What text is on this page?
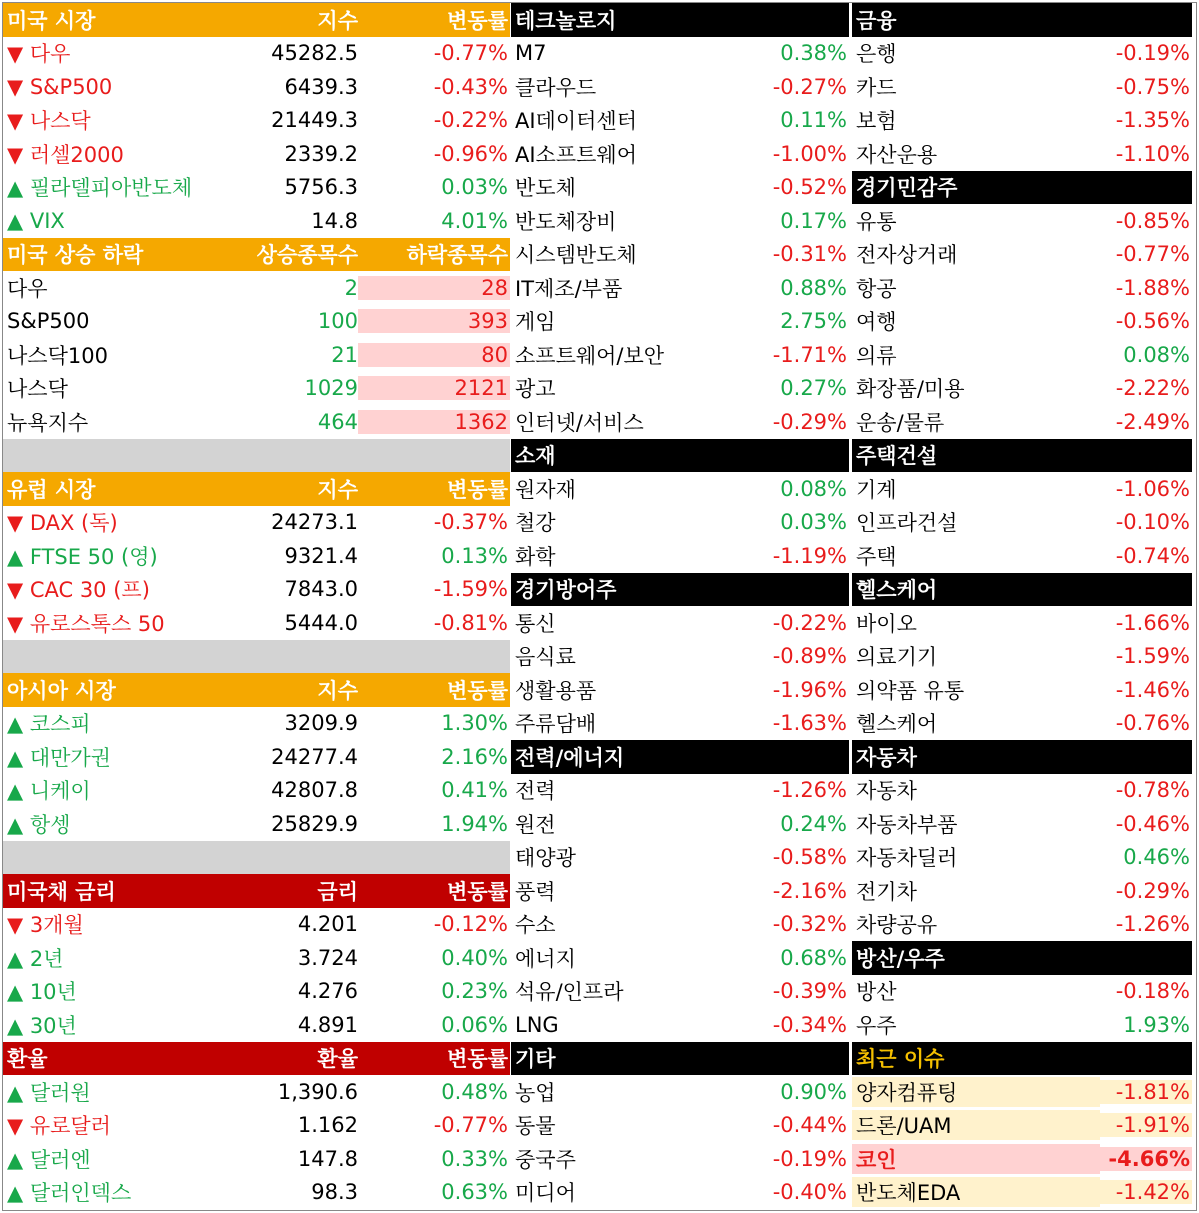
미국 시장	지수	변동률
▼ 다우	45282.5	-0.77%
▼ S&P500	6439.3	-0.43%
▼ 나스닥	21449.3	-0.22%
▼ 러셀2000	2339.2	-0.96%
▲ 필라델피아반도체	5756.3	0.03%
▲ VIX	14.8	4.01%
미국 상승 하락	상승종목수	하락종목수
다우	2	28
S&P500	100	393
나스닥100	21	80
나스닥	1029	2121
뉴욕지수	464	1362
유럽 시장	지수	변동률
▼ DAX (독)	24273.1	-0.37%
▲ FTSE 50 (영)	9321.4	0.13%
▼ CAC 30 (프)	7843.0	-1.59%
▼ 유로스톡스 50	5444.0	-0.81%
아시아 시장	지수	변동률
▲ 코스피	3209.9	1.30%
▲ 대만가권	24277.4	2.16%
▲ 니케이	42807.8	0.41%
▲ 항셍	25829.9	1.94%
미국채 금리	금리	변동률
▼ 3개월	4.201	-0.12%
▲ 2년	3.724	0.40%
▲ 10년	4.276	0.23%
▲ 30년	4.891	0.06%
환율	환율	변동률
▲ 달러원	1,390.6	0.48%
▼ 유로달러	1.162	-0.77%
▲ 달러엔	147.8	0.33%
▲ 달러인덱스	98.3	0.63%
테크놀로지
M7	0.38%
클라우드	-0.27%
AI데이터센터	0.11%
AI소프트웨어	-1.00%
반도체	-0.52%
반도체장비	0.17%
시스템반도체	-0.31%
IT제조/부품	0.88%
게임	2.75%
소프트웨어/보안	-1.71%
광고	0.27%
인터넷/서비스	-0.29%
소재
원자재	0.08%
철강	0.03%
화학	-1.19%
경기방어주
통신	-0.22%
음식료	-0.89%
생활용품	-1.96%
주류담배	-1.63%
전력/에너지
전력	-1.26%
원전	0.24%
태양광	-0.58%
풍력	-2.16%
수소	-0.32%
에너지	0.68%
석유/인프라	-0.39%
LNG	-0.34%
기타
농업	0.90%
동물	-0.44%
중국주	-0.19%
미디어	-0.40%
금융
은행	-0.19%
카드	-0.75%
보험	-1.35%
자산운용	-1.10%
경기민감주
유통	-0.85%
전자상거래	-0.77%
항공	-1.88%
여행	-0.56%
의류	0.08%
화장품/미용	-2.22%
운송/물류	-2.49%
주택건설
기계	-1.06%
인프라건설	-0.10%
주택	-0.74%
헬스케어
바이오	-1.66%
의료기기	-1.59%
의약품 유통	-1.46%
헬스케어	-0.76%
자동차
자동차	-0.78%
자동차부품	-0.46%
자동차딜러	0.46%
전기차	-0.29%
차량공유	-1.26%
방산/우주
방산	-0.18%
우주	1.93%
최근 이슈
양자컴퓨팅	-1.81%
드론/UAM	-1.91%
코인	-4.66%
반도체EDA	-1.42%
